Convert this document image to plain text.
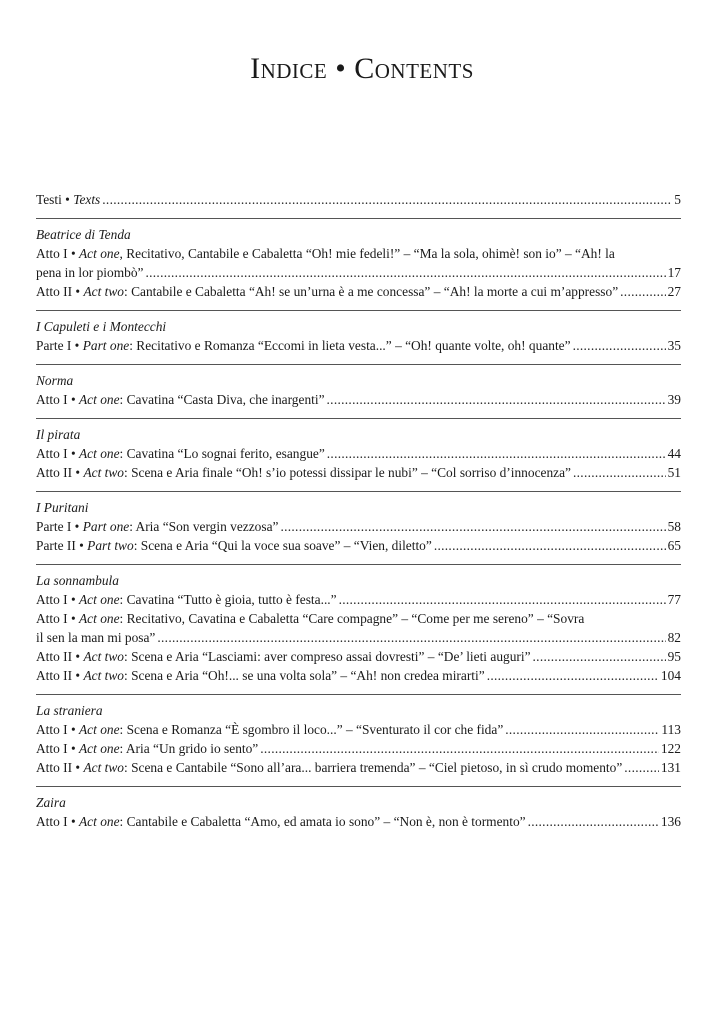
Indice • Contents
Testi • Texts .....	5
Beatrice di Tenda
Atto I • Act one, Recitativo, Cantabile e Cabaletta “Oh! mie fedeli!” – “Ma la sola, ohimè! son io” – “Ah! la
pena in lor piombò” .....	17
Atto II • Act two: Cantabile e Cabaletta “Ah! se un’urna è a me concessa” – “Ah! la morte a cui m’appresso” .....	27
I Capuleti e i Montecchi
Parte I • Part one: Recitativo e Romanza “Eccomi in lieta vesta...” – “Oh! quante volte, oh! quante” .....	35
Norma
Atto I • Act one: Cavatina “Casta Diva, che inargenti” .....	39
Il pirata
Atto I • Act one: Cavatina “Lo sognai ferito, esangue” .....	44
Atto II • Act two: Scena e Aria finale “Oh! s’io potessi dissipar le nubi” – “Col sorriso d’innocenza” .....	51
I Puritani
Parte I • Part one: Aria “Son vergin vezzosa” .....	58
Parte II • Part two: Scena e Aria “Qui la voce sua soave” – “Vien, diletto” .....	65
La sonnambula
Atto I • Act one: Cavatina “Tutto è gioia, tutto è festa...” .....	77
Atto I • Act one: Recitativo, Cavatina e Cabaletta “Care compagne” – “Come per me sereno” – “Sovra
il sen la man mi posa” .....	82
Atto II • Act two: Scena e Aria “Lasciami: aver compreso assai dovresti” – “De’ lieti auguri” .....	95
Atto II • Act two: Scena e Aria “Oh!... se una volta sola” – “Ah! non credea mirarti” .....	104
La straniera
Atto I • Act one: Scena e Romanza “È sgombro il loco...” – “Sventurato il cor che fida” .....	113
Atto I • Act one: Aria “Un grido io sento” .....	122
Atto II • Act two: Scena e Cantabile “Sono all’ara... barriera tremenda” – “Ciel pietoso, in sì crudo momento” .....	131
Zaira
Atto I • Act one: Cantabile e Cabaletta “Amo, ed amata io sono” – “Non è, non è tormento” .....	136
